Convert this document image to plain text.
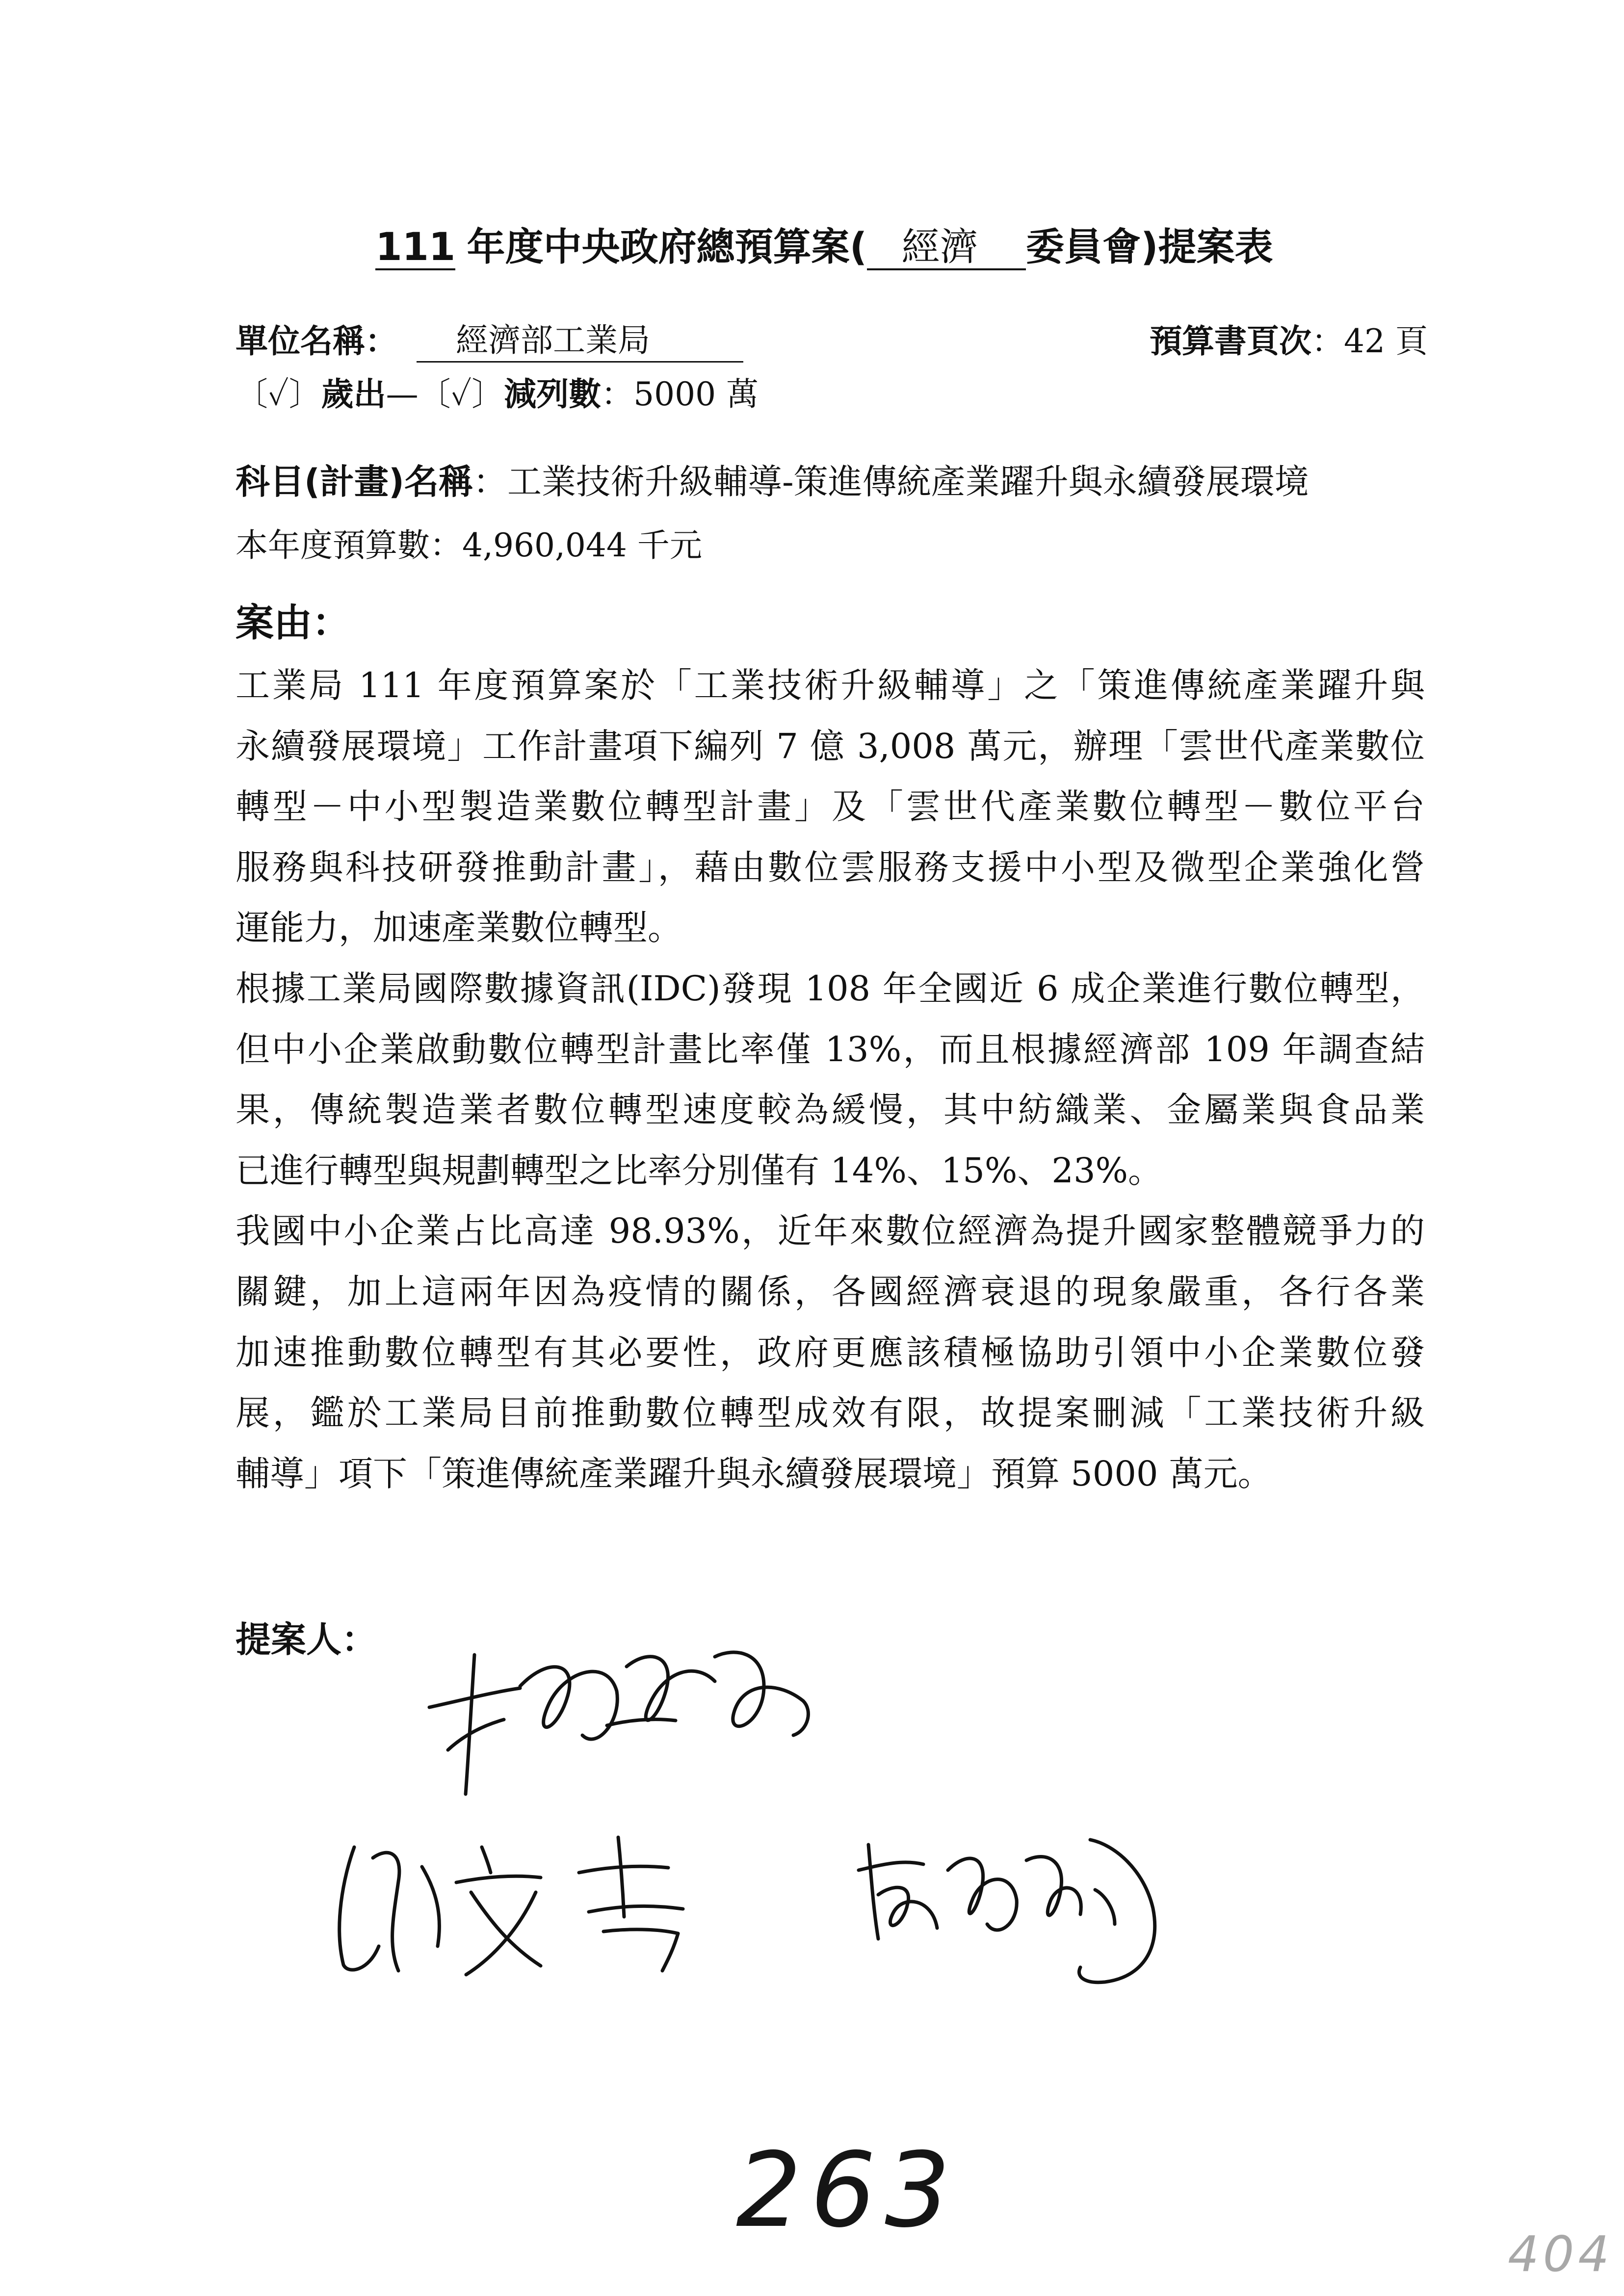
111 年度中央政府總預算案( 經濟 委員會)提案表
單位名稱：	經濟部工業局	預算書頁次：42 頁
〔✓〕歲出—〔✓〕減列數：5000 萬
科目(計畫)名稱：工業技術升級輔導-策進傳統產業躍升與永續發展環境
本年度預算數：4,960,044 千元
案由：
工業局 111 年度預算案於「工業技術升級輔導」之「策進傳統產業躍升與
永續發展環境」工作計畫項下編列 7 億 3,008 萬元，辦理「雲世代產業數位
轉型－中小型製造業數位轉型計畫」及「雲世代產業數位轉型－數位平台
服務與科技研發推動計畫」，藉由數位雲服務支援中小型及微型企業強化營
運能力，加速產業數位轉型。
根據工業局國際數據資訊(IDC)發現 108 年全國近 6 成企業進行數位轉型，
但中小企業啟動數位轉型計畫比率僅 13%，而且根據經濟部 109 年調查結
果，傳統製造業者數位轉型速度較為緩慢，其中紡織業、金屬業與食品業
已進行轉型與規劃轉型之比率分別僅有 14%、15%、23%。
我國中小企業占比高達 98.93%，近年來數位經濟為提升國家整體競爭力的
關鍵，加上這兩年因為疫情的關係，各國經濟衰退的現象嚴重，各行各業
加速推動數位轉型有其必要性，政府更應該積極協助引領中小企業數位發
展，鑑於工業局目前推動數位轉型成效有限，故提案刪減「工業技術升級
輔導」項下「策進傳統產業躍升與永續發展環境」預算 5000 萬元。
提案人：
263
404
